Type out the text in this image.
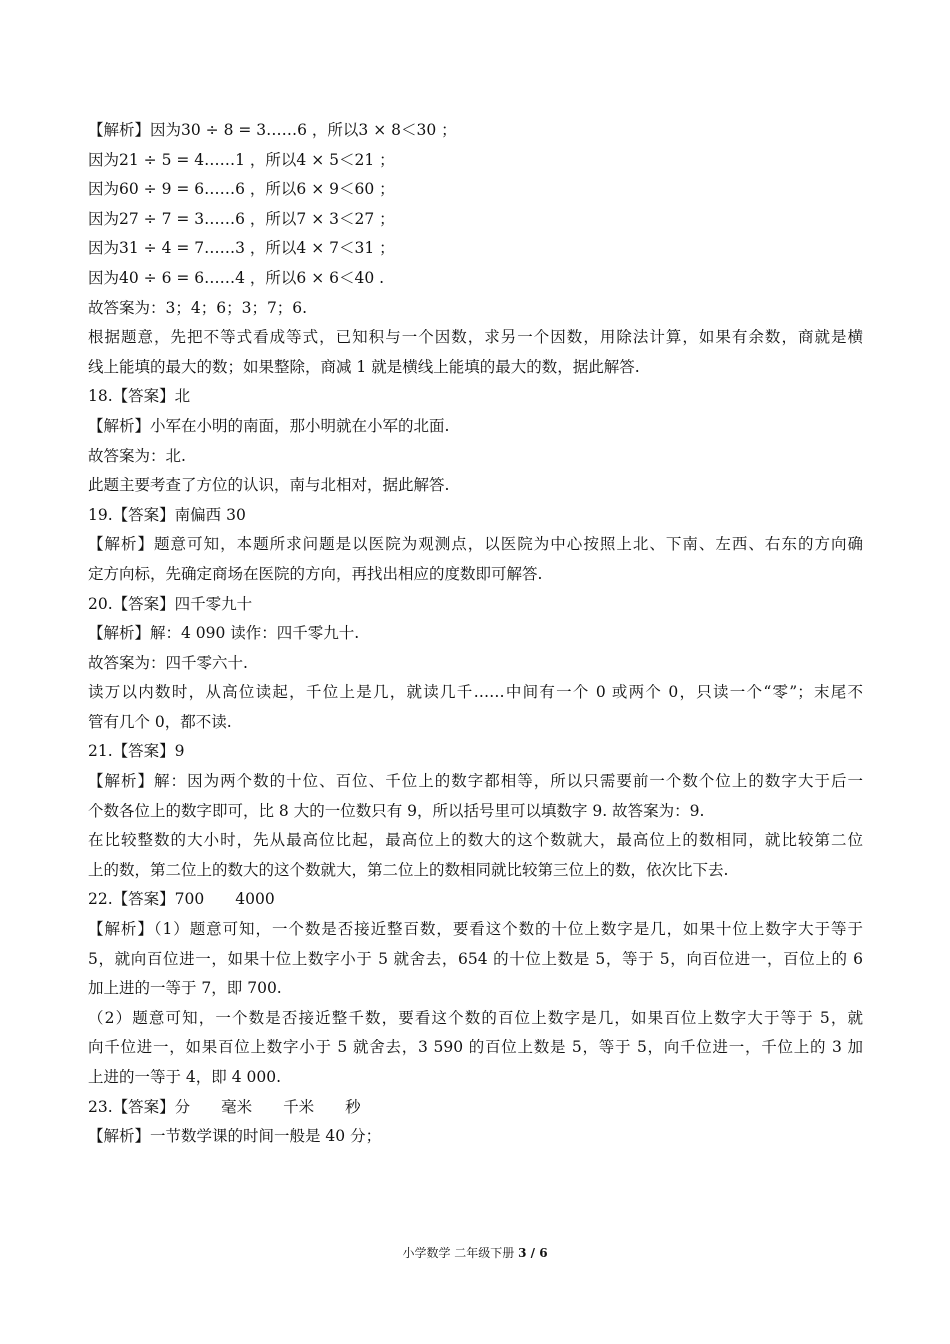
【解析】因为30 ÷ 8 = 3……6 ，所以3 × 8＜30 ；
因为21 ÷ 5 = 4……1 ，所以4 × 5＜21 ；
因为60 ÷ 9 = 6……6 ，所以6 × 9＜60 ；
因为27 ÷ 7 = 3……6 ，所以7 × 3＜27 ；
因为31 ÷ 4 = 7……3 ，所以4 × 7＜31 ；
因为40 ÷ 6 = 6……4 ，所以6 × 6＜40 .
故答案为：3；4；6；3；7；6.
根据题意，先把不等式看成等式，已知积与一个因数，求另一个因数，用除法计算，如果有余数，商就是横
线上能填的最大的数；如果整除，商减 1 就是横线上能填的最大的数，据此解答.
18.【答案】北
【解析】小军在小明的南面，那小明就在小军的北面.
故答案为：北.
此题主要考查了方位的认识，南与北相对，据此解答.
19.【答案】南偏西 30
【解析】题意可知，本题所求问题是以医院为观测点，以医院为中心按照上北、下南、左西、右东的方向确
定方向标，先确定商场在医院的方向，再找出相应的度数即可解答.
20.【答案】四千零九十
【解析】解：4 090 读作：四千零九十.
故答案为：四千零六十.
读万以内数时，从高位读起，千位上是几，就读几千……中间有一个 0 或两个 0，只读一个“零”；末尾不
管有几个 0，都不读.
21.【答案】9
【解析】解：因为两个数的十位、百位、千位上的数字都相等，所以只需要前一个数个位上的数字大于后一
个数各位上的数字即可，比 8 大的一位数只有 9，所以括号里可以填数字 9. 故答案为：9.
在比较整数的大小时，先从最高位比起，最高位上的数大的这个数就大，最高位上的数相同，就比较第二位
上的数，第二位上的数大的这个数就大，第二位上的数相同就比较第三位上的数，依次比下去.
22.【答案】700　　4000
【解析】（1）题意可知，一个数是否接近整百数，要看这个数的十位上数字是几，如果十位上数字大于等于
5，就向百位进一，如果十位上数字小于 5 就舍去，654 的十位上数是 5，等于 5，向百位进一，百位上的 6
加上进的一等于 7，即 700.
（2）题意可知，一个数是否接近整千数，要看这个数的百位上数字是几，如果百位上数字大于等于 5，就
向千位进一，如果百位上数字小于 5 就舍去，3 590 的百位上数是 5，等于 5，向千位进一，千位上的 3 加
上进的一等于 4，即 4 000.
23.【答案】分　　毫米　　千米　　秒
【解析】一节数学课的时间一般是 40 分；
小学数学 二年级下册 3 / 6
